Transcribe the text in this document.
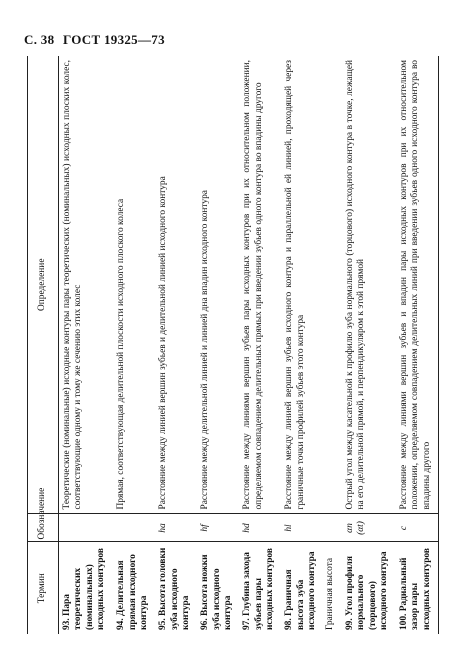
С. 38 ГОСТ 19325—73
Термин	Обозначение	Определение
93. Пара теоретических (номинальных) исходных контуров		Теоретические (номинальные) исходные контуры пары теоретических (номинальных) исходных плоских колес, соответствующие одному и тому же сечению этих колес
94. Делительная прямая исходного контура		Прямая, соответствующая делительной плоскости исходного плоского колеса
95. Высота головки зуба исходного контура	ha	Расстояние между линией вершин зубьев и делительной линией исходного контура
96. Высота ножки зуба исходного контура	hf	Расстояние между делительной линией и линией дна впадин исходного контура
97. Глубина захода зубьев пары исходных контуров	hd	Расстояние между линиями вершин зубьев пары исходных контуров при их относительном положении, определяемом совпадением делительных прямых при введении зубьев одного контура во впадины другого
98. Граничная высота зуба исходного контура Граничная высота	hl	Расстояние между линией вершин зубьев исходного контура и параллельной ей линией, проходящей через граничные точки профилей зубьев этого контура
99. Угол профиля нормального (торцового) исходного контура	αn (αt)	Острый угол между касательной к профилю зуба нормального (торцового) исходного контура в точке, лежащей на его делительной прямой, и перпендикуляром к этой прямой
100. Радиальный зазор пары исходных контуров	c	Расстояние между линиями вершин зубьев и впадин пары исходных контуров при их относительном положении, определяемом совпадением делительных линий при введении зубьев одного исходного контура во впадины другого
